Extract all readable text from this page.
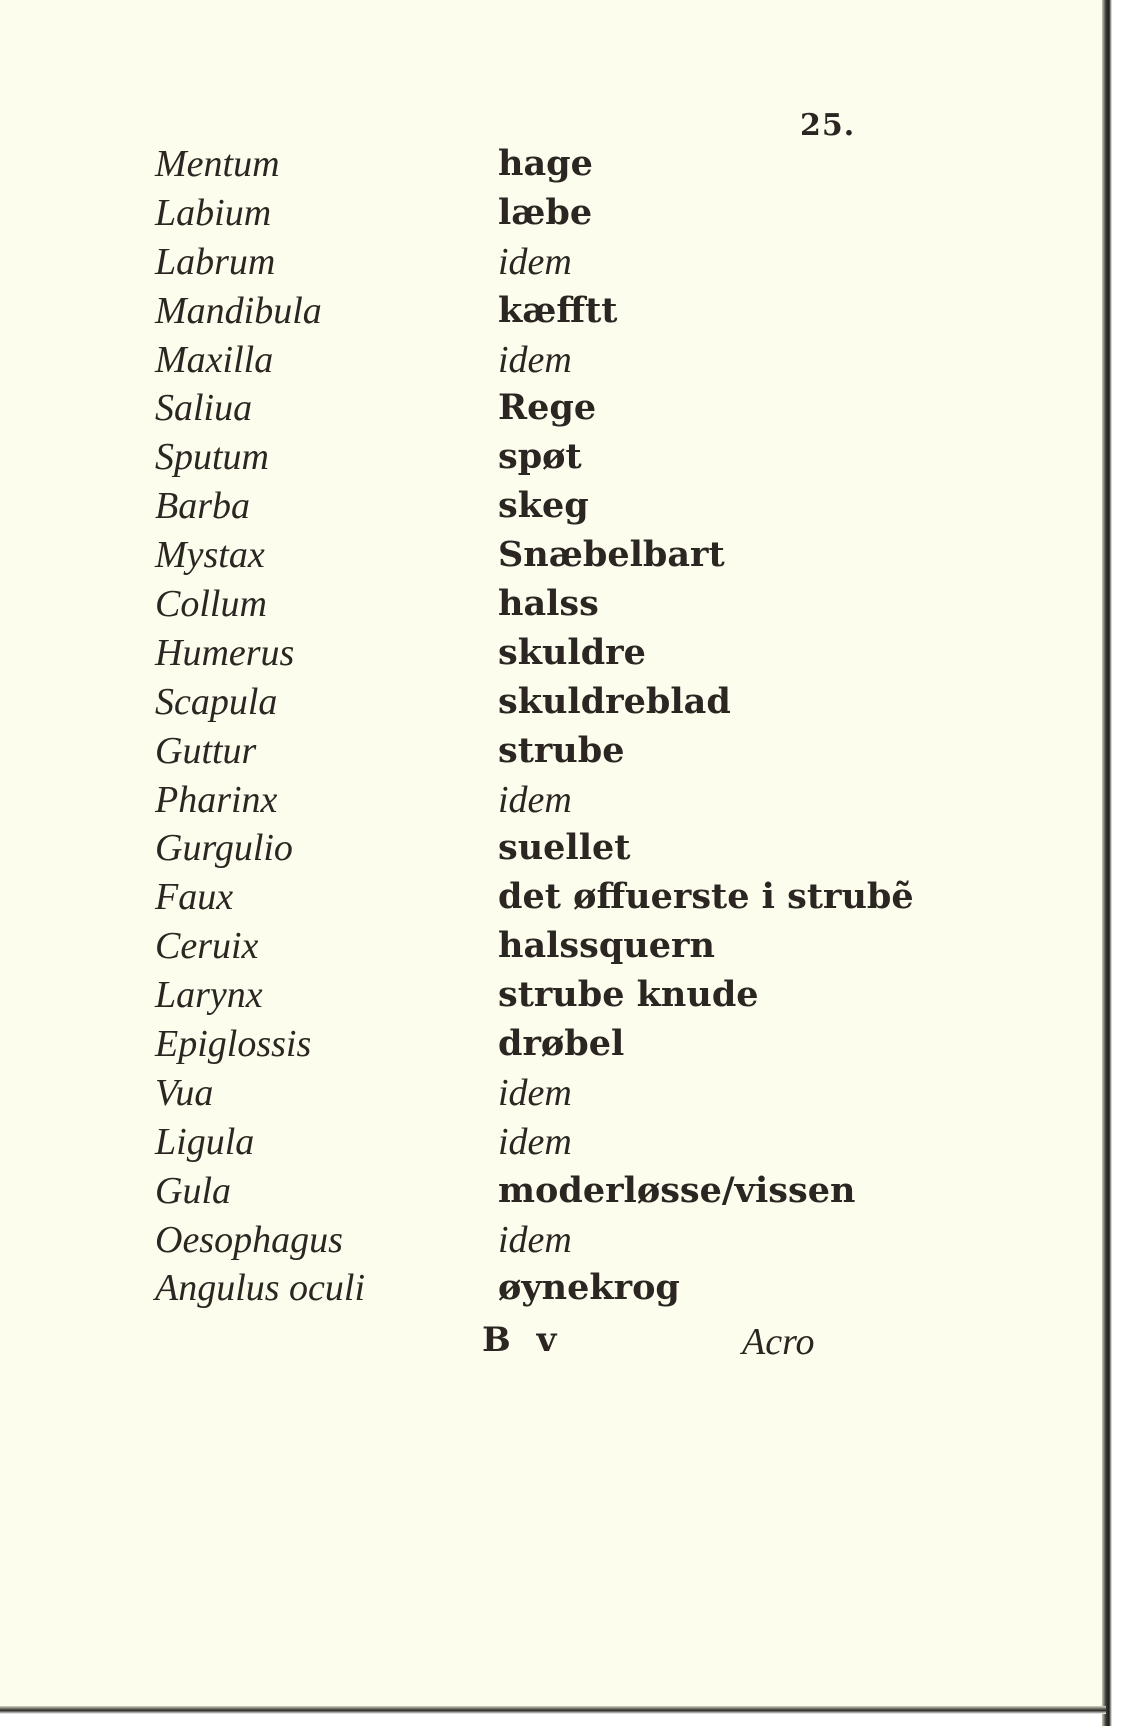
25.
Mentum	hage
Labium	læbe
Labrum	idem
Mandibula	kæfftt
Maxilla	idem
Saliua	Rege
Sputum	spøt
Barba	skeg
Mystax	Snæbelbart
Collum	halss
Humerus	skuldre
Scapula	skuldreblad
Guttur	strube
Pharinx	idem
Gurgulio	suellet
Faux	det øffuerste i strubẽ
Ceruix	halssquern
Larynx	strube knude
Epiglossis	drøbel
Vua	idem
Ligula	idem
Gula	moderløsse/vissen
Oesophagus	idem
Angulus oculi	øynekrog
B v	Acro
